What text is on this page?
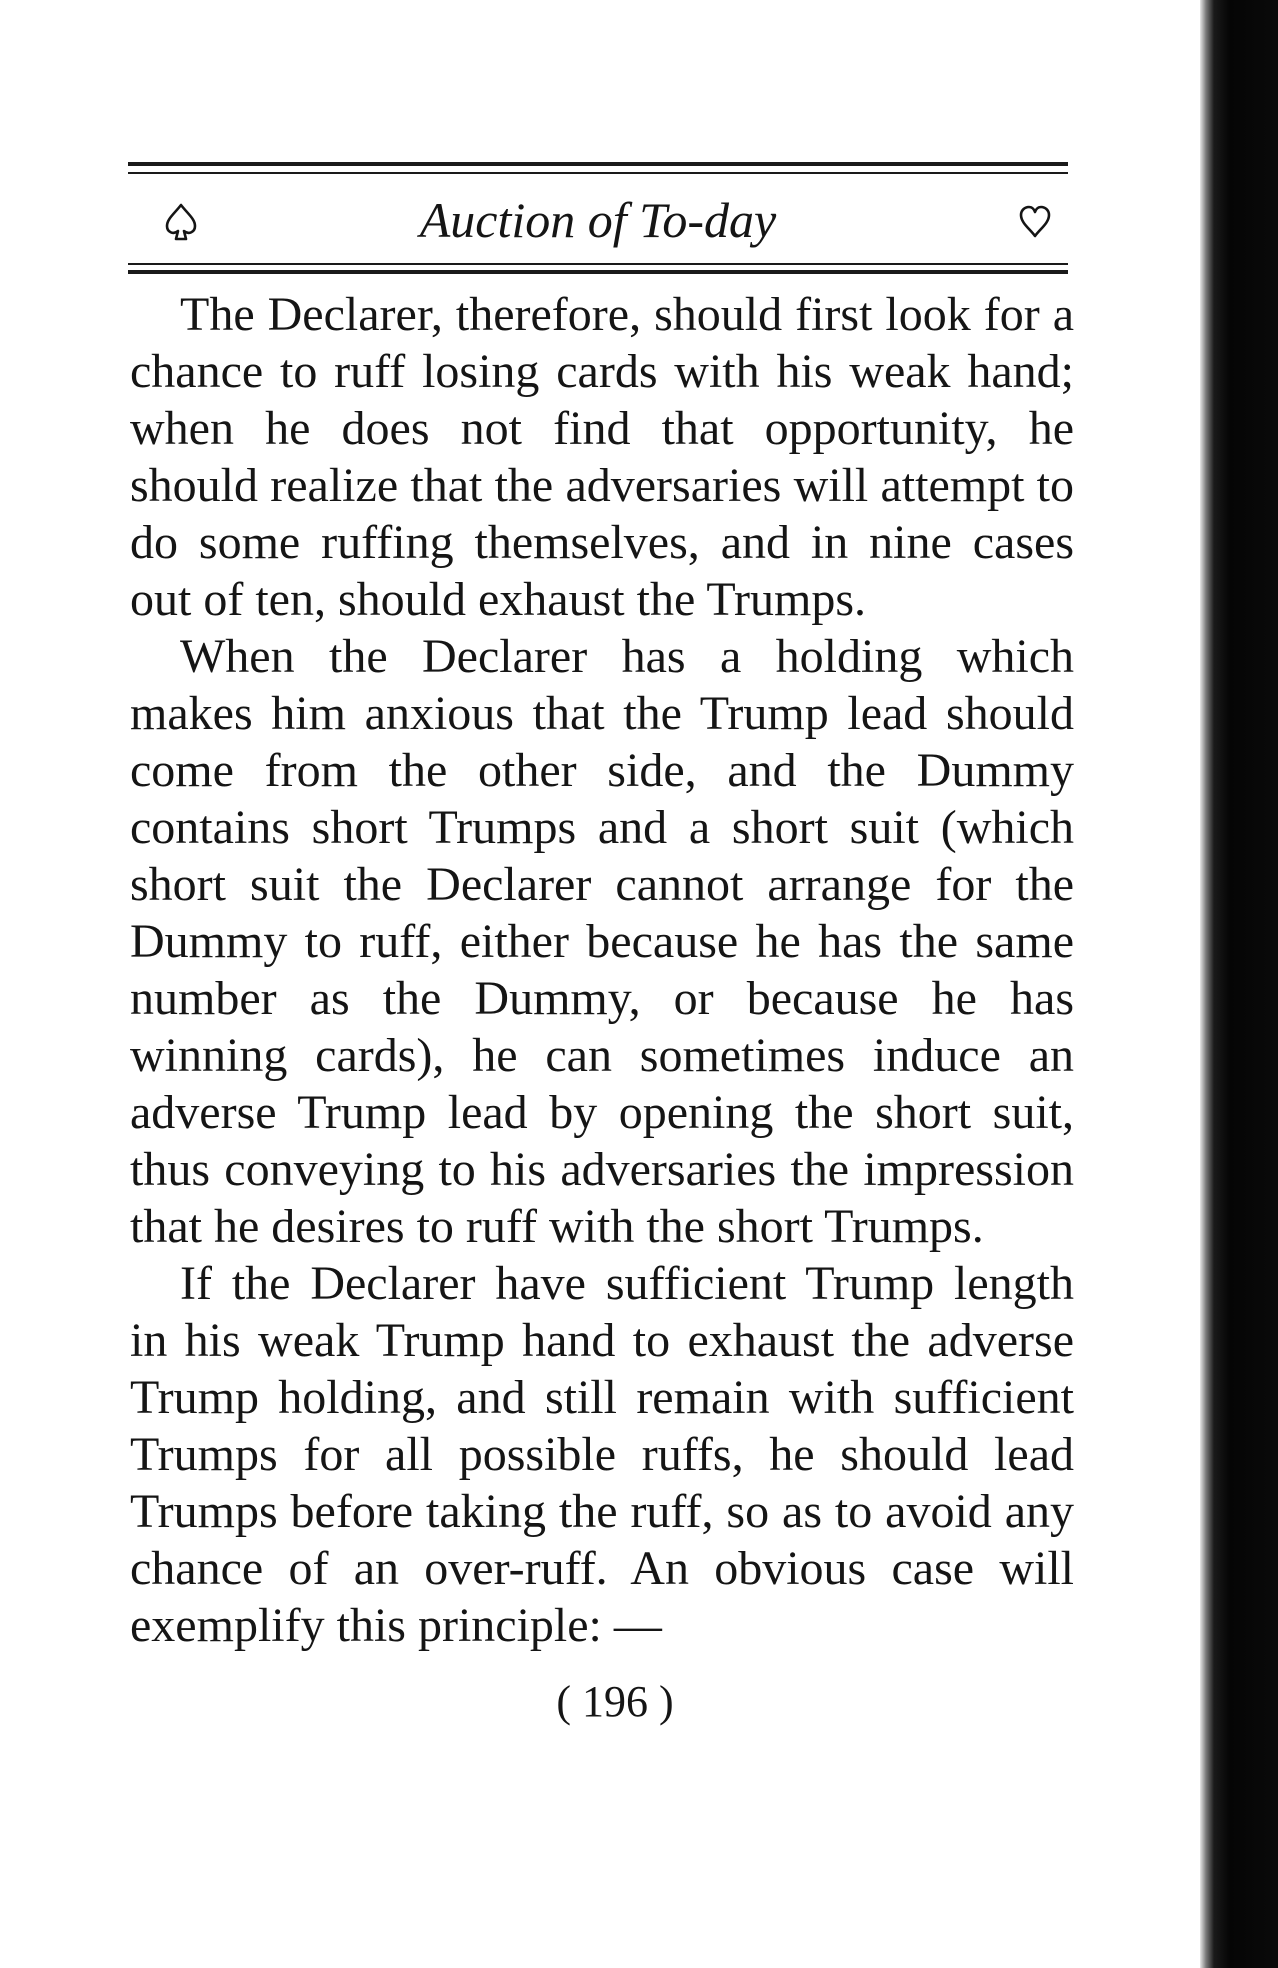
Auction of To-day

The Declarer, therefore, should first look for a chance to ruff losing cards with his weak hand; when he does not find that opportunity, he should realize that the adversaries will attempt to do some ruffing themselves, and in nine cases out of ten, should exhaust the Trumps.

When the Declarer has a holding which makes him anxious that the Trump lead should come from the other side, and the Dummy contains short Trumps and a short suit (which short suit the Declarer cannot arrange for the Dummy to ruff, either because he has the same number as the Dummy, or because he has winning cards), he can sometimes induce an adverse Trump lead by opening the short suit, thus conveying to his adversaries the impression that he desires to ruff with the short Trumps.

If the Declarer have sufficient Trump length in his weak Trump hand to exhaust the adverse Trump holding, and still remain with sufficient Trumps for all possible ruffs, he should lead Trumps before taking the ruff, so as to avoid any chance of an over-ruff. An obvious case will exemplify this principle: —

( 196 )
